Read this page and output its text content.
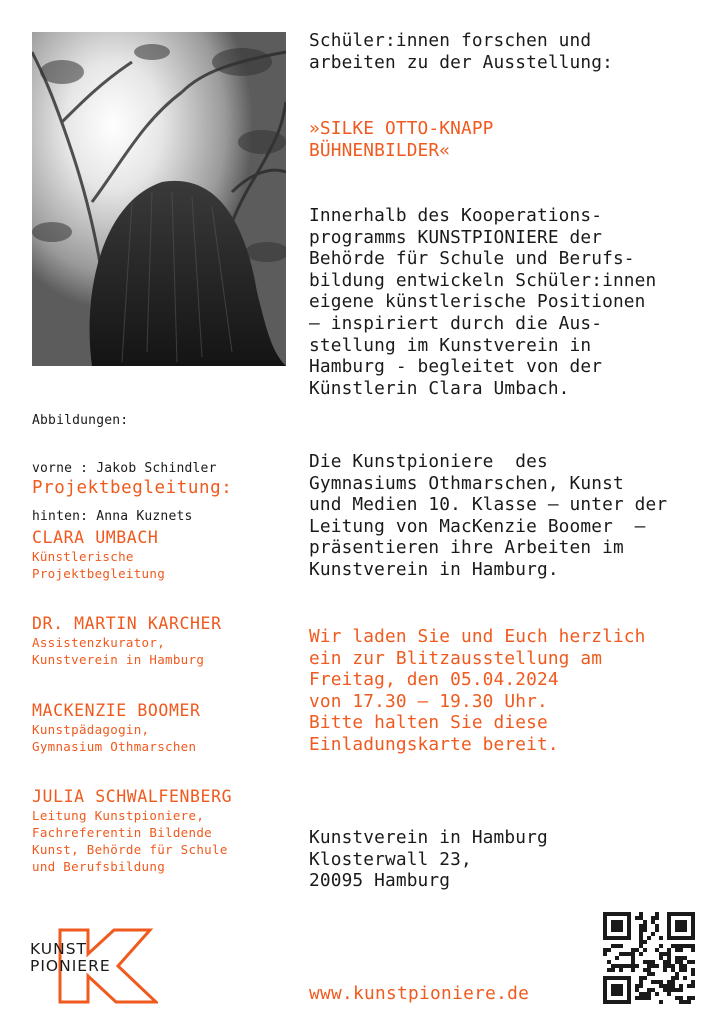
Abbildungen:

vorne : Jakob Schindler

hinten: Anna Kuznets

Projektbegleitung:
CLARA UMBACH
Künstlerische
Projektbegleitung
DR. MARTIN KARCHER
Assistenzkurator,
Kunstverein in Hamburg
MACKENZIE BOOMER
Kunstpädagogin,
Gymnasium Othmarschen
JULIA SCHWALFENBERG
Leitung Kunstpioniere,
Fachreferentin Bildende
Kunst, Behörde für Schule
und Berufsbildung
Schüler:innen forschen und
arbeiten zu der Ausstellung:
»SILKE OTTO-KNAPP
BÜHNENBILDER«
Innerhalb des Kooperations-
programms KUNSTPIONIERE der
Behörde für Schule und Berufs-
bildung entwickeln Schüler:innen
eigene künstlerische Positionen
– inspiriert durch die Aus-
stellung im Kunstverein in
Hamburg - begleitet von der
Künstlerin Clara Umbach.
Die Kunstpioniere  des
Gymnasiums Othmarschen, Kunst
und Medien 10. Klasse – unter der
Leitung von MacKenzie Boomer  –
präsentieren ihre Arbeiten im
Kunstverein in Hamburg.
Wir laden Sie und Euch herzlich
ein zur Blitzausstellung am
Freitag, den 05.04.2024
von 17.30 – 19.30 Uhr.
Bitte halten Sie diese
Einladungskarte bereit.
Kunstverein in Hamburg
Klosterwall 23,
20095 Hamburg
KUNST
PIONIERE
www.kunstpioniere.de
